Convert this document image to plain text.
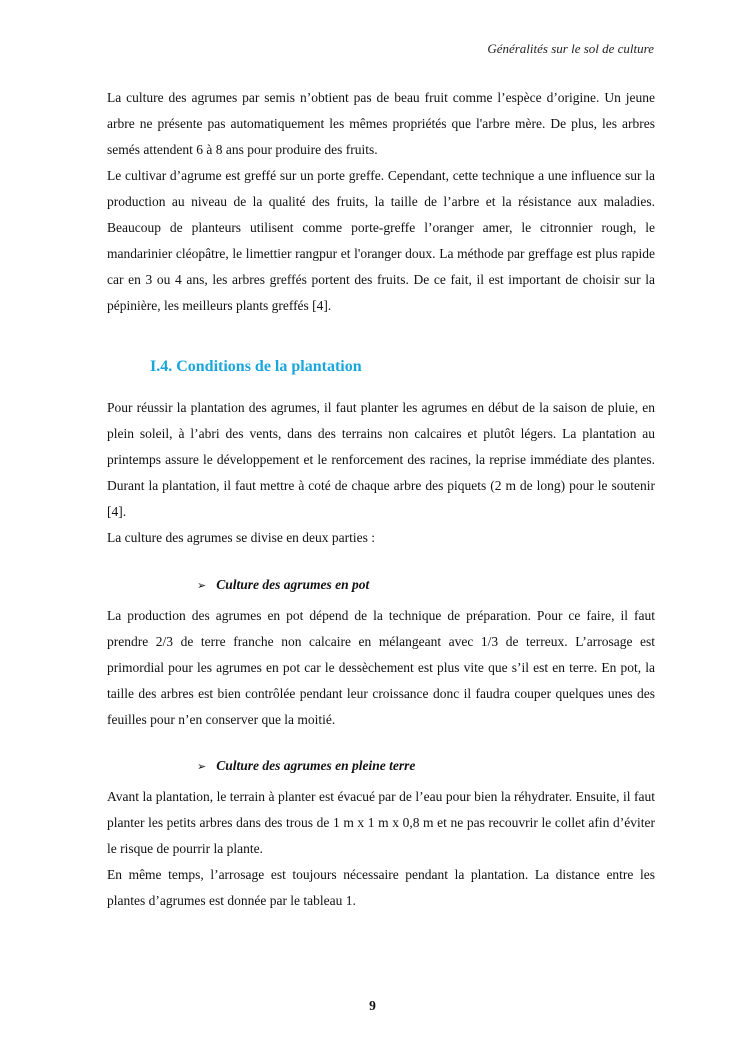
Généralités sur le sol de culture

La culture des agrumes par semis n’obtient pas de beau fruit comme l’espèce d’origine. Un jeune arbre ne présente pas automatiquement les mêmes propriétés que l'arbre mère. De plus, les arbres semés attendent 6 à 8 ans pour produire des fruits.

Le cultivar d’agrume est greffé sur un porte greffe. Cependant, cette technique a une influence sur la production au niveau de la qualité des fruits, la taille de l’arbre et la résistance aux maladies. Beaucoup de planteurs utilisent comme porte-greffe l’oranger amer, le citronnier rough, le mandarinier cléopâtre, le limettier rangpur et l'oranger doux. La méthode par greffage est plus rapide car en 3 ou 4 ans, les arbres greffés portent des fruits. De ce fait, il est important de choisir sur la pépinière, les meilleurs plants greffés [4].

I.4. Conditions de la plantation

Pour réussir la plantation des agrumes, il faut planter les agrumes en début de la saison de pluie, en plein soleil, à l’abri des vents, dans des terrains non calcaires et plutôt légers. La plantation au printemps assure le développement et le renforcement des racines, la reprise immédiate des plantes. Durant la plantation, il faut mettre à coté de chaque arbre des piquets (2 m de long) pour le soutenir [4].

La culture des agrumes se divise en deux parties :

➢ Culture des agrumes en pot

La production des agrumes en pot dépend de la technique de préparation. Pour ce faire, il faut prendre 2/3 de terre franche non calcaire en mélangeant avec 1/3 de terreux. L’arrosage est primordial pour les agrumes en pot car le dessèchement est plus vite que s’il est en terre. En pot, la taille des arbres est bien contrôlée pendant leur croissance donc il faudra couper quelques unes des feuilles pour n’en conserver que la moitié.

➢ Culture des agrumes en pleine terre

Avant la plantation, le terrain à planter est évacué par de l’eau pour bien la réhydrater. Ensuite, il faut planter les petits arbres dans des trous de 1 m x 1 m x 0,8 m et ne pas recouvrir le collet afin d’éviter le risque de pourrir la plante.

En même temps, l’arrosage est toujours nécessaire pendant la plantation. La distance entre les plantes d’agrumes est donnée par le tableau 1.

9
